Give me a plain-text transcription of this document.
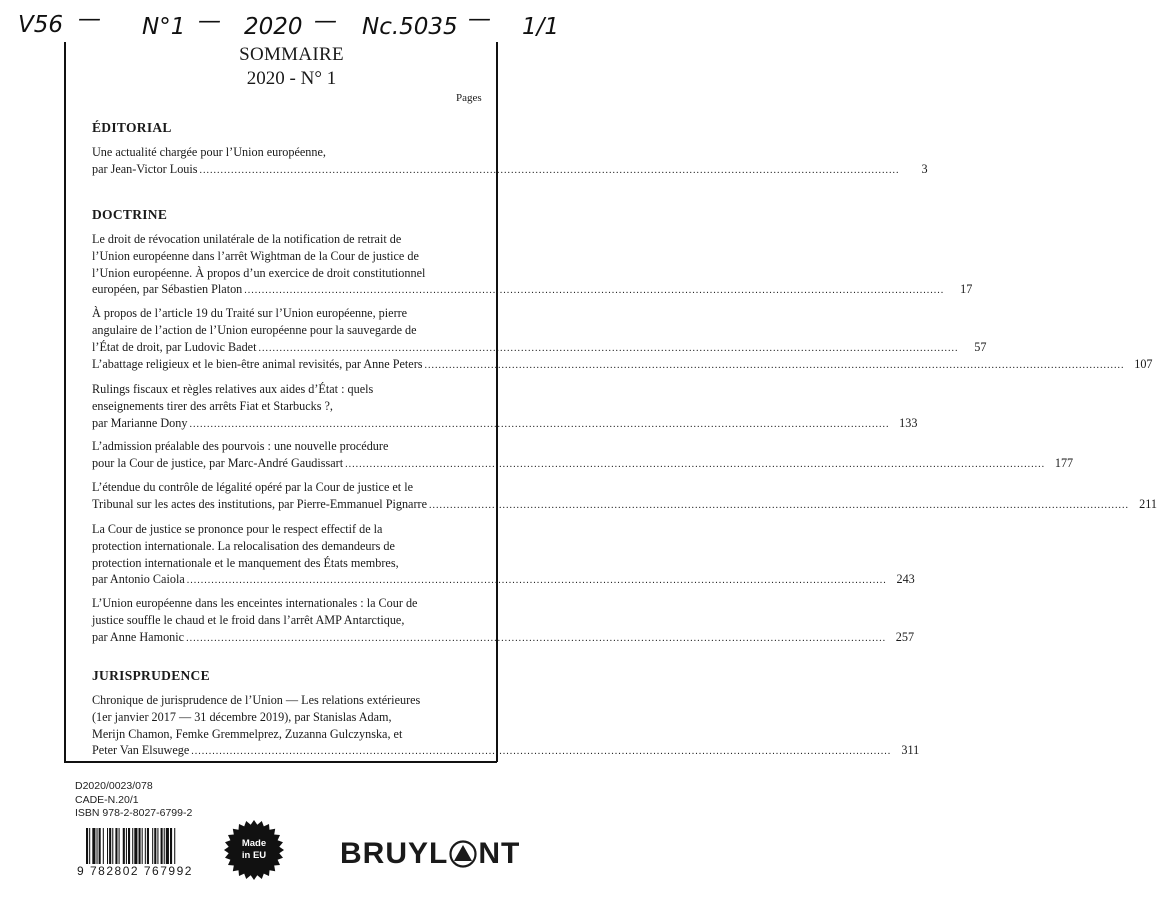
V56 — N°1 — 2020 — Nc.5035 — 1/1
SOMMAIRE
2020 - N° 1
Pages
ÉDITORIAL
Une actualité chargée pour l’Union européenne,
par Jean-Victor Louis ........................................................................................................................................................................................................	3
DOCTRINE
Le droit de révocation unilatérale de la notification de retrait de
l’Union européenne dans l’arrêt Wightman de la Cour de justice de
l’Union européenne. À propos d’un exercice de droit constitutionnel
européen, par Sébastien Platon ........................................................................................................................................................................................................	17
À propos de l’article 19 du Traité sur l’Union européenne, pierre
angulaire de l’action de l’Union européenne pour la sauvegarde de
l’État de droit, par Ludovic Badet ........................................................................................................................................................................................................	57
L’abattage religieux et le bien-être animal revisités, par Anne Peters ........................................................................................................................................................................................................ 107
Rulings fiscaux et règles relatives aux aides d’État : quels
enseignements tirer des arrêts Fiat et Starbucks ?,
par Marianne Dony ........................................................................................................................................................................................................ 133
L’admission préalable des pourvois : une nouvelle procédure
pour la Cour de justice, par Marc-André Gaudissart ........................................................................................................................................................................................................ 177
L’étendue du contrôle de légalité opéré par la Cour de justice et le
Tribunal sur les actes des institutions, par Pierre-Emmanuel Pignarre ........................................................................................................................................................................................................ 211
La Cour de justice se prononce pour le respect effectif de la
protection internationale. La relocalisation des demandeurs de
protection internationale et le manquement des États membres,
par Antonio Caiola ........................................................................................................................................................................................................ 243
L’Union européenne dans les enceintes internationales : la Cour de
justice souffle le chaud et le froid dans l’arrêt AMP Antarctique,
par Anne Hamonic ........................................................................................................................................................................................................ 257
JURISPRUDENCE
Chronique de jurisprudence de l’Union — Les relations extérieures
(1er janvier 2017 — 31 décembre 2019), par Stanislas Adam,
Merijn Chamon, Femke Gremmelprez, Zuzanna Gulczynska, et
Peter Van Elsuwege ........................................................................................................................................................................................................ 311
D2020/0023/078
CADE-N.20/1
ISBN 978-2-8027-6799-2
9 782802 767992
Made
in EU	BRUYL NT
